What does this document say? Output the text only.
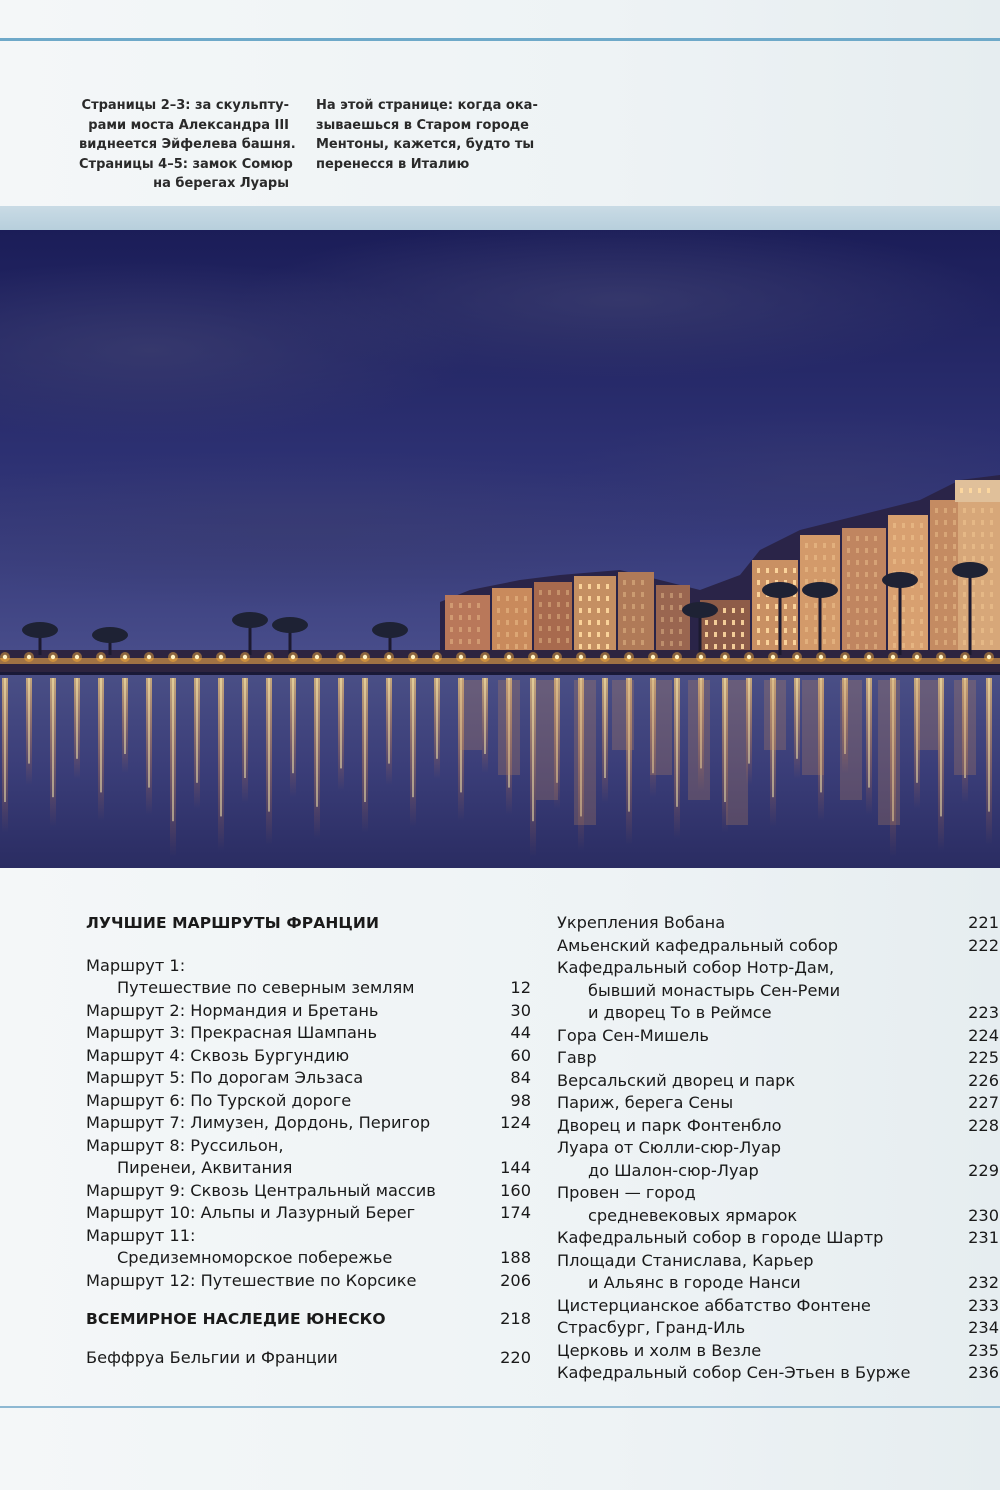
Страницы 2–3: за скульпту-
рами моста Александра III
виднеется Эйфелева башня.
Страницы 4–5: замок Сомюр
на берегах Луары
На этой странице: когда ока-
зываешься в Старом городе
Ментоны, кажется, будто ты
перенесся в Италию
ЛУЧШИЕ МАРШРУТЫ ФРАНЦИИ
Маршрут 1:
Путешествие по северным землям	12
Маршрут 2: Нормандия и Бретань	30
Маршрут 3: Прекрасная Шампань	44
Маршрут 4: Сквозь Бургундию	60
Маршрут 5: По дорогам Эльзаса	84
Маршрут 6: По Турской дороге	98
Маршрут 7: Лимузен, Дордонь, Перигор	124
Маршрут 8: Руссильон,
Пиренеи, Аквитания	144
Маршрут 9: Сквозь Центральный массив	160
Маршрут 10: Альпы и Лазурный Берег	174
Маршрут 11:
Средиземноморское побережье	188
Маршрут 12: Путешествие по Корсике	206
ВСЕМИРНОЕ НАСЛЕДИЕ ЮНЕСКО	218
Беффруа Бельгии и Франции	220
Укрепления Вобана	221
Амьенский кафедральный собор	222
Кафедральный собор Нотр-Дам,
бывший монастырь Сен-Реми
и дворец То в Реймсе	223
Гора Сен-Мишель	224
Гавр	225
Версальский дворец и парк	226
Париж, берега Сены	227
Дворец и парк Фонтенбло	228
Луара от Сюлли-сюр-Луар
до Шалон-сюр-Луар	229
Провен — город
средневековых ярмарок	230
Кафедральный собор в городе Шартр	231
Площади Станислава, Карьер
и Альянс в городе Нанси	232
Цистерцианское аббатство Фонтене	233
Страсбург, Гранд-Иль	234
Церковь и холм в Везле	235
Кафедральный собор Сен-Этьен в Бурже	236
